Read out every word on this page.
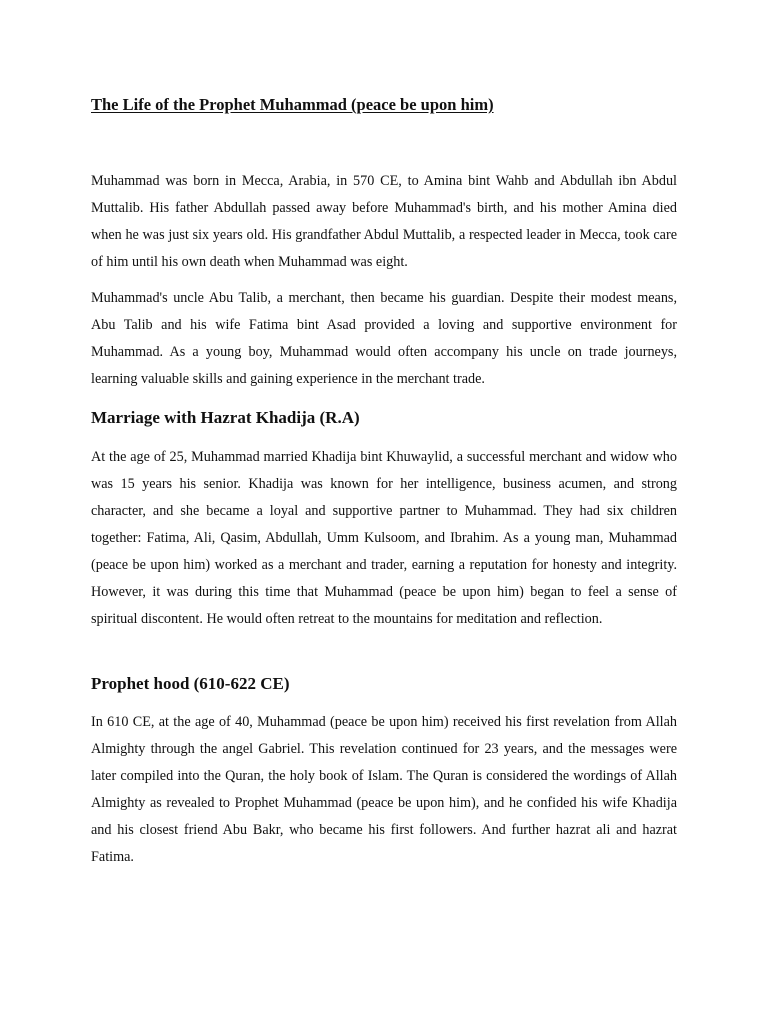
The Life of the Prophet Muhammad (peace be upon him)

Muhammad was born in Mecca, Arabia, in 570 CE, to Amina bint Wahb and Abdullah ibn Abdul Muttalib. His father Abdullah passed away before Muhammad's birth, and his mother Amina died when he was just six years old. His grandfather Abdul Muttalib, a respected leader in Mecca, took care of him until his own death when Muhammad was eight.

Muhammad's uncle Abu Talib, a merchant, then became his guardian. Despite their modest means, Abu Talib and his wife Fatima bint Asad provided a loving and supportive environment for Muhammad. As a young boy, Muhammad would often accompany his uncle on trade journeys, learning valuable skills and gaining experience in the merchant trade.

Marriage with Hazrat Khadija (R.A)

At the age of 25, Muhammad married Khadija bint Khuwaylid, a successful merchant and widow who was 15 years his senior. Khadija was known for her intelligence, business acumen, and strong character, and she became a loyal and supportive partner to Muhammad. They had six children together: Fatima, Ali, Qasim, Abdullah, Umm Kulsoom, and Ibrahim. As a young man, Muhammad (peace be upon him) worked as a merchant and trader, earning a reputation for honesty and integrity. However, it was during this time that Muhammad (peace be upon him) began to feel a sense of spiritual discontent. He would often retreat to the mountains for meditation and reflection.

Prophet hood (610-622 CE)

In 610 CE, at the age of 40, Muhammad (peace be upon him) received his first revelation from Allah Almighty through the angel Gabriel. This revelation continued for 23 years, and the messages were later compiled into the Quran, the holy book of Islam. The Quran is considered the wordings of Allah Almighty as revealed to Prophet Muhammad (peace be upon him), and he confided his wife Khadija and his closest friend Abu Bakr, who became his first followers. And further hazrat ali and hazrat Fatima.
